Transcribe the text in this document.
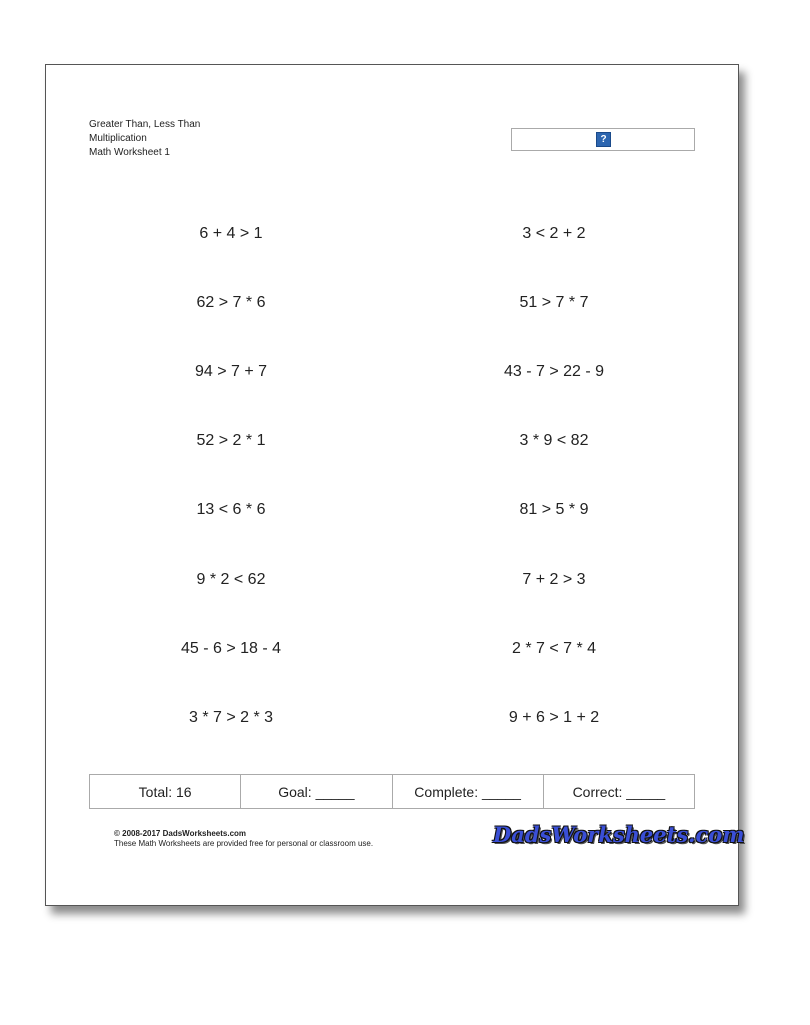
Greater Than, Less Than
Multiplication
Math Worksheet 1
?
6 + 4 > 1
62 > 7 * 6
94 > 7 + 7
52 > 2 * 1
13 < 6 * 6
9 * 2 < 62
45 - 6 > 18 - 4
3 * 7 > 2 * 3
3 < 2 + 2
51 > 7 * 7
43 - 7 > 22 - 9
3 * 9 < 82
81 > 5 * 9
7 + 2 > 3
2 * 7 < 7 * 4
9 + 6 > 1 + 2
Total: 16	Goal: _____	Complete: _____	Correct: _____
© 2008-2017 DadsWorksheets.com
These Math Worksheets are provided free for personal or classroom use.	DadsWorksheets.com
